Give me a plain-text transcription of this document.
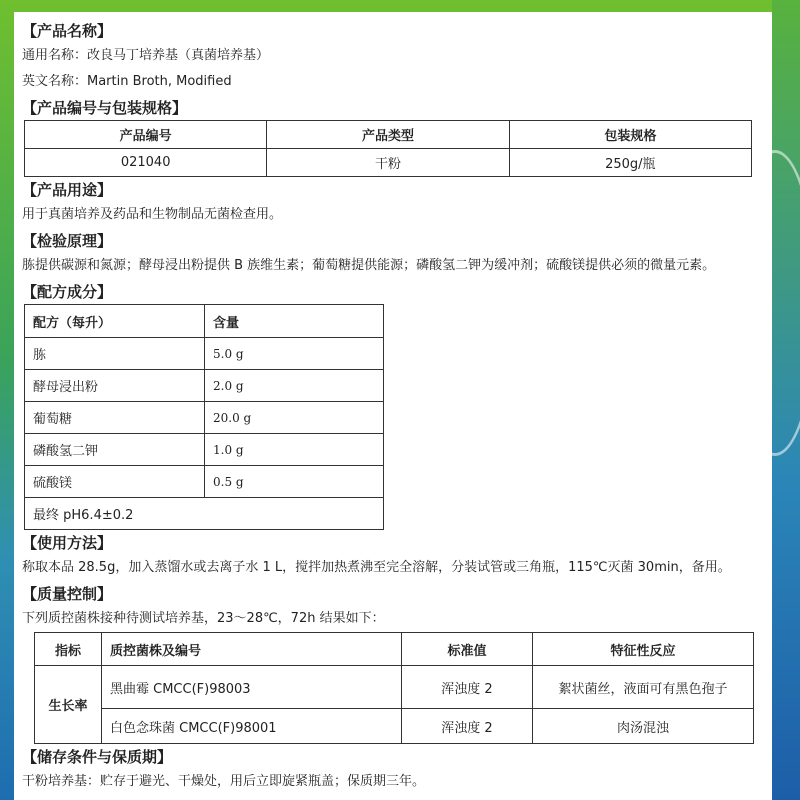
【产品名称】
通用名称：改良马丁培养基（真菌培养基）
英文名称：Martin Broth, Modified
【产品编号与包装规格】
产品编号	产品类型	包装规格
021040	干粉	250g/瓶
【产品用途】
用于真菌培养及药品和生物制品无菌检查用。
【检验原理】
胨提供碳源和氮源；酵母浸出粉提供 B 族维生素；葡萄糖提供能源；磷酸氢二钾为缓冲剂；硫酸镁提供必须的微量元素。
【配方成分】
配方（每升）	含量
胨	5.0 g
酵母浸出粉	2.0 g
葡萄糖	20.0 g
磷酸氢二钾	1.0 g
硫酸镁	0.5 g
最终 pH6.4±0.2	
【使用方法】
称取本品 28.5g，加入蒸馏水或去离子水 1 L，搅拌加热煮沸至完全溶解，分装试管或三角瓶，115℃灭菌 30min，备用。
【质量控制】
下列质控菌株接种待测试培养基，23～28℃，72h 结果如下：
指标	质控菌株及编号	标准值	特征性反应
生长率	黑曲霉 CMCC(F)98003	浑浊度 2	絮状菌丝，液面可有黑色孢子
	白色念珠菌 CMCC(F)98001	浑浊度 2	肉汤混浊
【储存条件与保质期】
干粉培养基：贮存于避光、干燥处，用后立即旋紧瓶盖；保质期三年。
